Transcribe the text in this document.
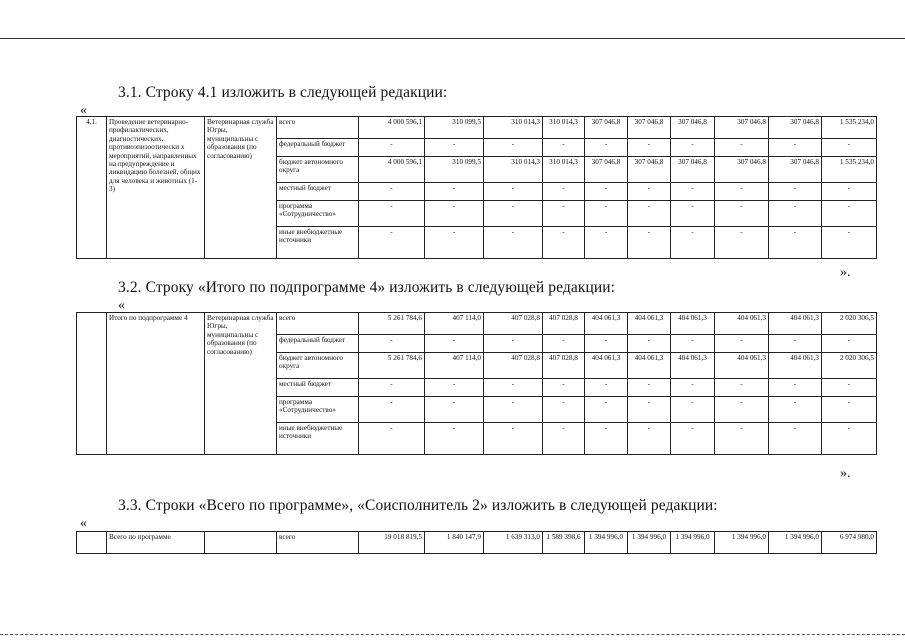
3.1. Строку 4.1 изложить в следующей редакции:
«
4.1.	Проведение ветеринарно-профилактических, диагностических, противоэпизоотически х мероприятий, направленных на предупреждение и ликвидацию болезней, общих для человека и животных (1-3)	Ветеринарная служба Югры, муниципальны с образования (по согласованию)	всего	4 000 596,1	310 099,5	310 014,3	310 014,3	307 046,8	307 046,8	307 046,8	307 046,8	307 046,8	1 535 234,0
			федеральный бюджет	-	-	-	-	-	-	-	-	-	-
			бюджет автономного округа	4 000 596,1	310 099,5	310 014,3	310 014,3	307 046,8	307 046,8	307 046,8	307 046,8	307 046,8	1 535 234,0
			местный бюджет	-	-	-	-	-	-	-	-	-	-
			программа «Сотрудничество»	-	-	-	-	-	-	-	-	-	-
			иные внебюджетные источники	-	-	-	-	-	-	-	-	-	-
».
3.2. Строку «Итого по подпрограмме 4» изложить в следующей редакции:
«
	Итого по подпрограмме 4	Ветеринарная служба Югры, муниципальны с образования (по согласованию)	всего	5 261 784,6	407 114,0	407 028,8	407 028,8	404 061,3	404 061,3	404 061,3	404 061,3	404 061,3	2 020 306,5
			федеральный бюджет	-	-	-	-	-	-	-	-	-	-
			бюджет автономного округа	5 261 784,6	407 114,0	407 028,8	407 028,8	404 061,3	404 061,3	404 061,3	404 061,3	404 061,3	2 020 306,5
			местный бюджет	-	-	-	-	-	-	-	-	-	-
			программа «Сотрудничество»	-	-	-	-	-	-	-	-	-	-
			иные внебюджетные источники	-	-	-	-	-	-	-	-	-	-
».
3.3. Строки «Всего по программе», «Соисполнитель 2» изложить в следующей редакции:
«
	Всего по программе		всего	19 018 819,5	1 840 147,9	1 639 313,0	1 589 398,6	1 394 996,0	1 394 996,0	1 394 996,0	1 394 996,0	1 394 996,0	6 974 980,0
